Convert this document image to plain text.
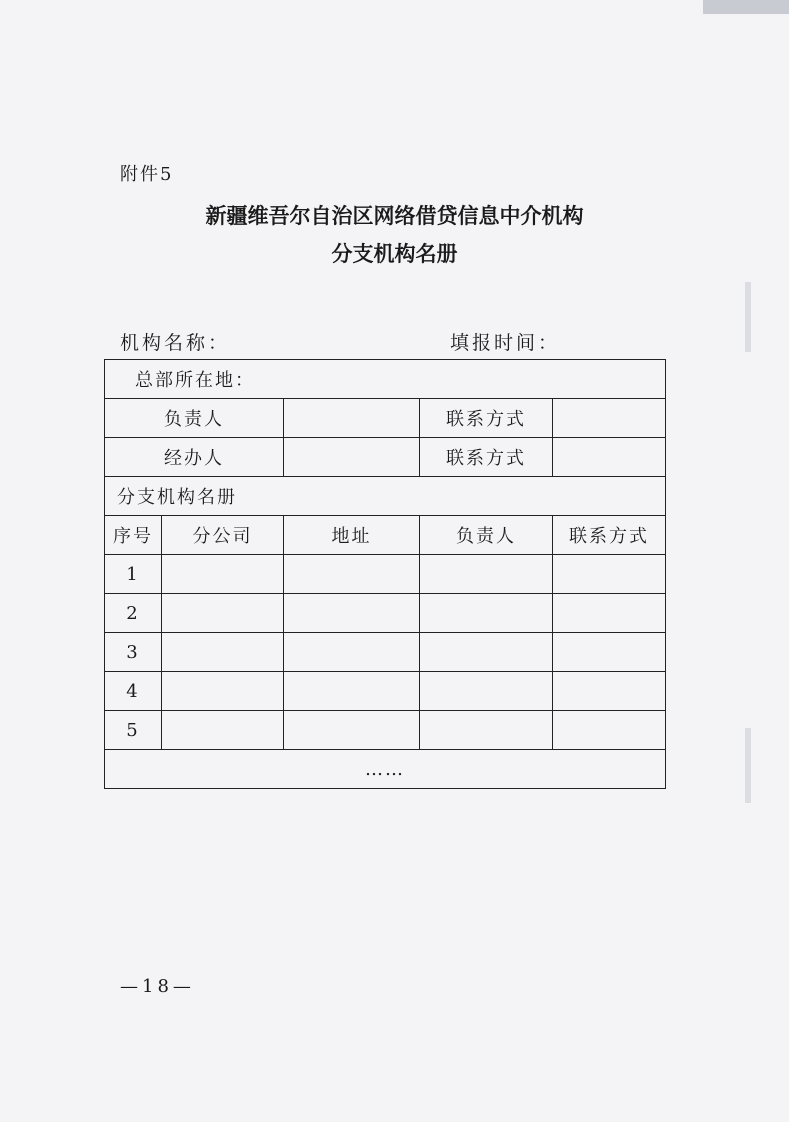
附件5
新疆维吾尔自治区网络借贷信息中介机构
分支机构名册
机构名称：	填报时间：
总部所在地：				
负责人			联系方式	
经办人			联系方式	
分支机构名册				
序号	分公司	地址	负责人	联系方式
1				
2				
3				
4				
5				
……				
—18—
